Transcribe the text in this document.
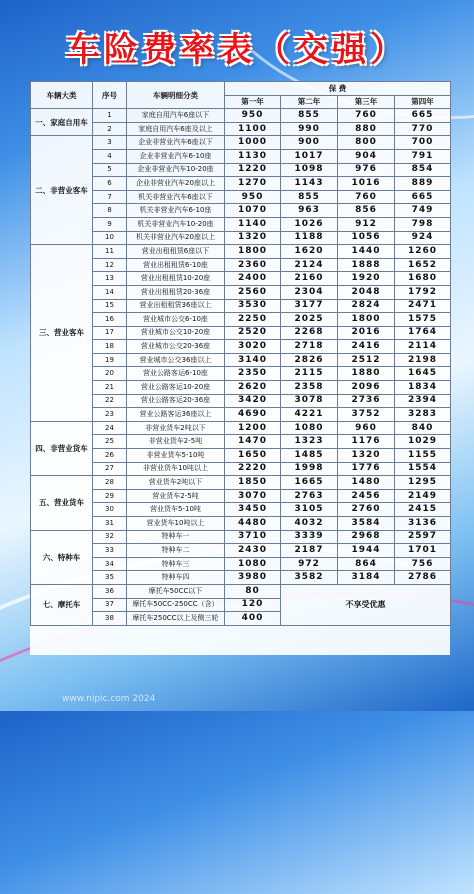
车险费率表（交强）
车辆大类	序号	车辆明细分类	保 费			
			第一年	第二年	第三年	第四年
一、家庭自用车	1	家庭自用汽车6座以下	950	855	760	665
	2	家庭自用汽车6座及以上	1100	990	880	770
二、非营业客车	3	企业非营业汽车6座以下	1000	900	800	700
	4	企业非营业汽车6-10座	1130	1017	904	791
	5	企业非营业汽车10-20座	1220	1098	976	854
	6	企业非营业汽车20座以上	1270	1143	1016	889
	7	机关非营业汽车6座以下	950	855	760	665
	8	机关非营业汽车6-10座	1070	963	856	749
	9	机关非营业汽车10-20座	1140	1026	912	798
	10	机关非营业汽车20座以上	1320	1188	1056	924
三、营业客车	11	营业出租租赁6座以下	1800	1620	1440	1260
	12	营业出租租赁6-10座	2360	2124	1888	1652
	13	营业出租租赁10-20座	2400	2160	1920	1680
	14	营业出租租赁20-36座	2560	2304	2048	1792
	15	营业出租租赁36座以上	3530	3177	2824	2471
	16	营业城市公交6-10座	2250	2025	1800	1575
	17	营业城市公交10-20座	2520	2268	2016	1764
	18	营业城市公交20-36座	3020	2718	2416	2114
	19	营业城市公交36座以上	3140	2826	2512	2198
	20	营业公路客运6-10座	2350	2115	1880	1645
	21	营业公路客运10-20座	2620	2358	2096	1834
	22	营业公路客运20-36座	3420	3078	2736	2394
	23	营业公路客运36座以上	4690	4221	3752	3283
四、非营业货车	24	非营业货车2吨以下	1200	1080	960	840
	25	非营业货车2-5吨	1470	1323	1176	1029
	26	非营业货车5-10吨	1650	1485	1320	1155
	27	非营业货车10吨以上	2220	1998	1776	1554
五、营业货车	28	营业货车2吨以下	1850	1665	1480	1295
	29	营业货车2-5吨	3070	2763	2456	2149
	30	营业货车5-10吨	3450	3105	2760	2415
	31	营业货车10吨以上	4480	4032	3584	3136
六、特种车	32	特种车一	3710	3339	2968	2597
	33	特种车二	2430	2187	1944	1701
	34	特种车三	1080	972	864	756
	35	特种车四	3980	3582	3184	2786
七、摩托车	36	摩托车50CC以下	80	不享受优惠		
	37	摩托车50CC-250CC（含）	120			
	38	摩托车250CC以上及侧三轮	400			
www.nipic.com 2024
